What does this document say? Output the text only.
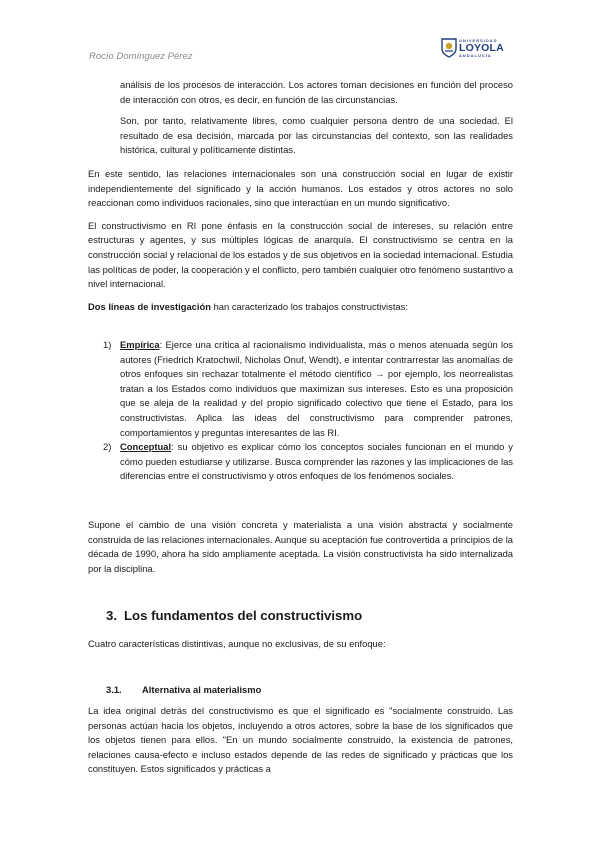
Rocío Domínguez Pérez
UNIVERSIDAD
LOYOLA
ANDALUCÍA

análisis de los procesos de interacción. Los actores toman decisiones en función del proceso de interacción con otros, es decir, en función de las circunstancias.

Son, por tanto, relativamente libres, como cualquier persona dentro de una sociedad. El resultado de esa decisión, marcada por las circunstancias del contexto, son las realidades histórica, cultural y políticamente distintas.

En este sentido, las relaciones internacionales son una construcción social en lugar de existir independientemente del significado y la acción humanos. Los estados y otros actores no solo reaccionan como individuos racionales, sino que interactúan en un mundo significativo.

El constructivismo en RI pone énfasis en la construcción social de intereses, su relación entre estructuras y agentes, y sus múltiples lógicas de anarquía. El constructivismo se centra en la construcción social y relacional de los estados y de sus objetivos en la sociedad internacional. Estudia las políticas de poder, la cooperación y el conflicto, pero también cualquier otro fenómeno sustantivo a nivel internacional.

Dos líneas de investigación han caracterizado los trabajos constructivistas:

1) Empírica: Ejerce una crítica al racionalismo individualista, más o menos atenuada según los autores (Friedrich Kratochwil, Nicholas Onuf, Wendt), e intentar contrarrestar las anomalías de otros enfoques sin rechazar totalmente el método científico → por ejemplo, los neorrealistas tratan a los Estados como individuos que maximizan sus intereses. Esto es una proposición que se aleja de la realidad y del propio significado colectivo que tiene el Estado, para los constructivistas. Aplica las ideas del constructivismo para comprender patrones, comportamientos y preguntas interesantes de las RI.
2) Conceptual: su objetivo es explicar cómo los conceptos sociales funcionan en el mundo y cómo pueden estudiarse y utilizarse. Busca comprender las razones y las implicaciones de las diferencias entre el constructivismo y otros enfoques de los fenómenos sociales.

Supone el cambio de una visión concreta y materialista a una visión abstracta y socialmente construida de las relaciones internacionales. Aunque su aceptación fue controvertida a principios de la década de 1990, ahora ha sido ampliamente aceptada. La visión constructivista ha sido internalizada por la disciplina.

3. Los fundamentos del constructivismo

Cuatro características distintivas, aunque no exclusivas, de su enfoque:

3.1. Alternativa al materialismo

La idea original detrás del constructivismo es que el significado es "socialmente construido. Las personas actúan hacia los objetos, incluyendo a otros actores, sobre la base de los significados que los objetos tienen para ellos. "En un mundo socialmente construido, la existencia de patrones, relaciones causa-efecto e incluso estados depende de las redes de significado y prácticas que los constituyen. Estos significados y prácticas a
